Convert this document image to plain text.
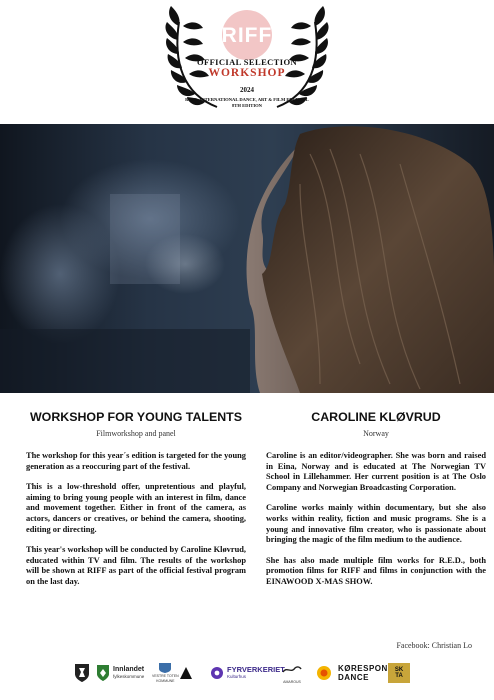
RIFF
OFFICIAL SELECTION
WORKSHOP
2024
R.E.D. INTERNATIONAL DANCE, ART & FILM FESTIVAL
8TH EDITION
WORKSHOP FOR YOUNG TALENTS
Filmworkshop and panel

The workshop for this year´s edition is targeted for the young generation as a reoccuring part of the festival.

This is a low-threshold offer, unpretentious and playful, aiming to bring young people with an interest in film, dance and movement together. Either in front of the camera, as actors, dancers or creatives, or behind the camera, shooting, editing or directing.

This year's workshop will be conducted by Caroline Kløvrud, educated within TV and film. The results of the workshop will be shown at RIFF as part of the official festival program on the last day.

CAROLINE KLØVRUD
Norway

Caroline is an editor/videographer. She was born and raised in Eina, Norway and is educated at The Norwegian TV School in Lillehammer. Her current position is at The Oslo Company and Norwegian Broadcasting Corporation.

Caroline works mainly within documentary, but she also works within reality, fiction and music programs. She is a young and innovative film creator, who is passionate about bringing the magic of the film medium to the audience.

She has also made multiple film works for R.E.D., both promotion films for RIFF and films in conjunction with the EINAWOOD X-MAS SHOW.

Facebook: Christian Lo
Innlandet
fylkeskommune VESTRE TOTEN
KOMMUNE
FYRVERKERIET
Kulturhus
AMAROUS
KØRESPON
DANCE
SK
TA
